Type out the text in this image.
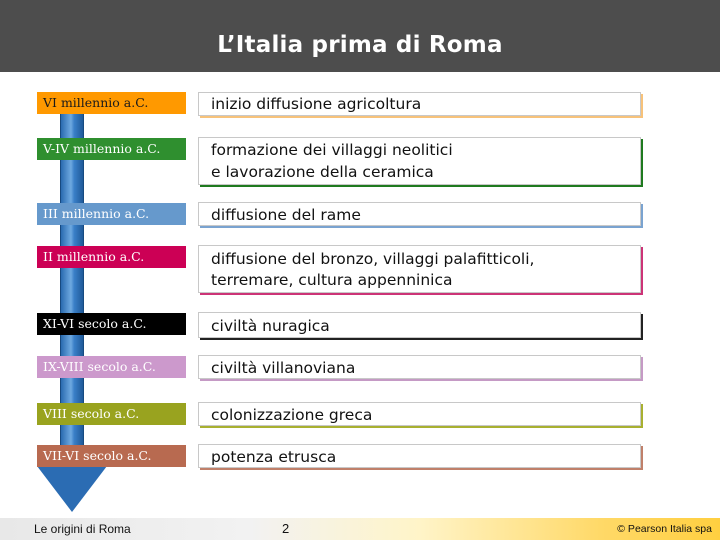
L’Italia prima di Roma
VI millennio a.C.	inizio diffusione agricoltura
V-IV millennio a.C.	formazione dei villaggi neolitici
e lavorazione della ceramica
III millennio a.C.	diffusione del rame
II millennio a.C.	diffusione del bronzo, villaggi palafitticoli,
terremare, cultura appenninica
XI-VI secolo a.C.	civiltà nuragica
IX-VIII secolo a.C.	civiltà villanoviana
VIII secolo a.C.	colonizzazione greca
VII-VI secolo a.C.	potenza etrusca
Le origini di Roma	2	© Pearson Italia spa
